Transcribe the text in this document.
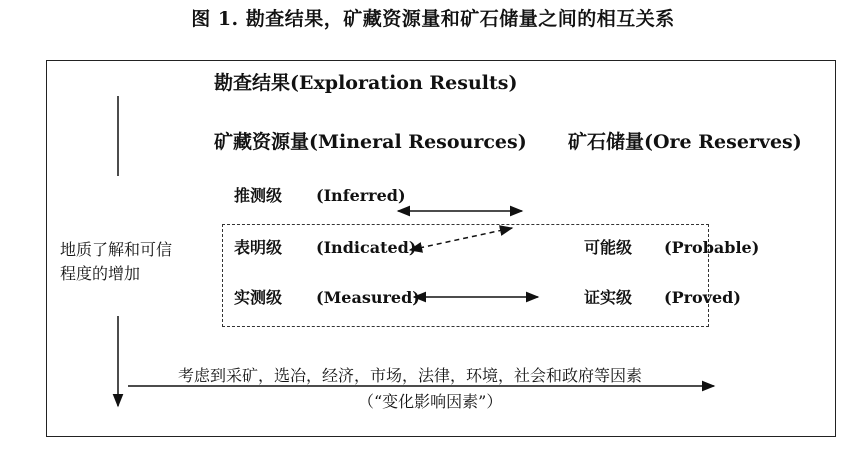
图 1. 勘查结果，矿藏资源量和矿石储量之间的相互关系
勘查结果(Exploration Results)
矿藏资源量(Mineral Resources) 矿石储量(Ore Reserves)
推测级 (Inferred)
表明级 (Indicated)
实测级 (Measured)
可能级 (Probable)
证实级 (Proved)
地质了解和可信程度的增加
考虑到采矿，选冶，经济，市场，法律，环境，社会和政府等因素
（“变化影响因素”）
